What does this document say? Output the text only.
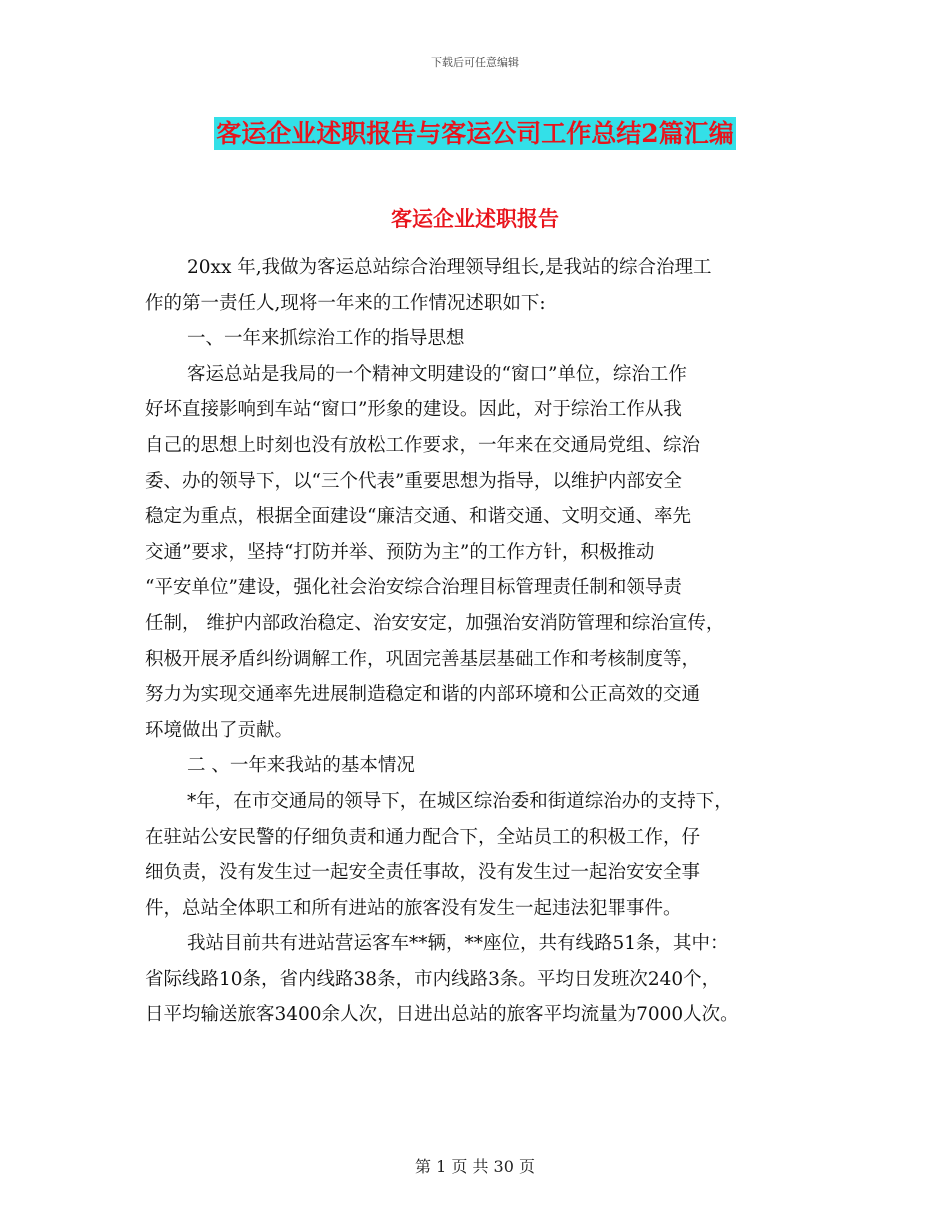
下载后可任意编辑
客运企业述职报告与客运公司工作总结2篇汇编
客运企业述职报告
20xx 年,我做为客运总站综合治理领导组长,是我站的综合治理工
作的第一责任人,现将一年来的工作情况述职如下:
一、一年来抓综治工作的指导思想
客运总站是我局的一个精神文明建设的“窗口”单位，综治工作
好坏直接影响到车站“窗口”形象的建设。因此，对于综治工作从我
自己的思想上时刻也没有放松工作要求，一年来在交通局党组、综治
委、办的领导下，以“三个代表”重要思想为指导，以维护内部安全
稳定为重点，根据全面建设“廉洁交通、和谐交通、文明交通、率先
交通”要求，坚持“打防并举、预防为主”的工作方针，积极推动
“平安单位”建设，强化社会治安综合治理目标管理责任制和领导责
任制， 维护内部政治稳定、治安安定，加强治安消防管理和综治宣传，
积极开展矛盾纠纷调解工作，巩固完善基层基础工作和考核制度等，
努力为实现交通率先进展制造稳定和谐的内部环境和公正高效的交通
环境做出了贡献。
二 、一年来我站的基本情况
*年，在市交通局的领导下，在城区综治委和街道综治办的支持下，
在驻站公安民警的仔细负责和通力配合下，全站员工的积极工作，仔
细负责，没有发生过一起安全责任事故，没有发生过一起治安安全事
件，总站全体职工和所有进站的旅客没有发生一起违法犯罪事件。
我站目前共有进站营运客车**辆，**座位，共有线路51条，其中：
省际线路10条，省内线路38条，市内线路3条。平均日发班次240个，
日平均输送旅客3400余人次，日进出总站的旅客平均流量为7000人次。
第 1 页 共 30 页
